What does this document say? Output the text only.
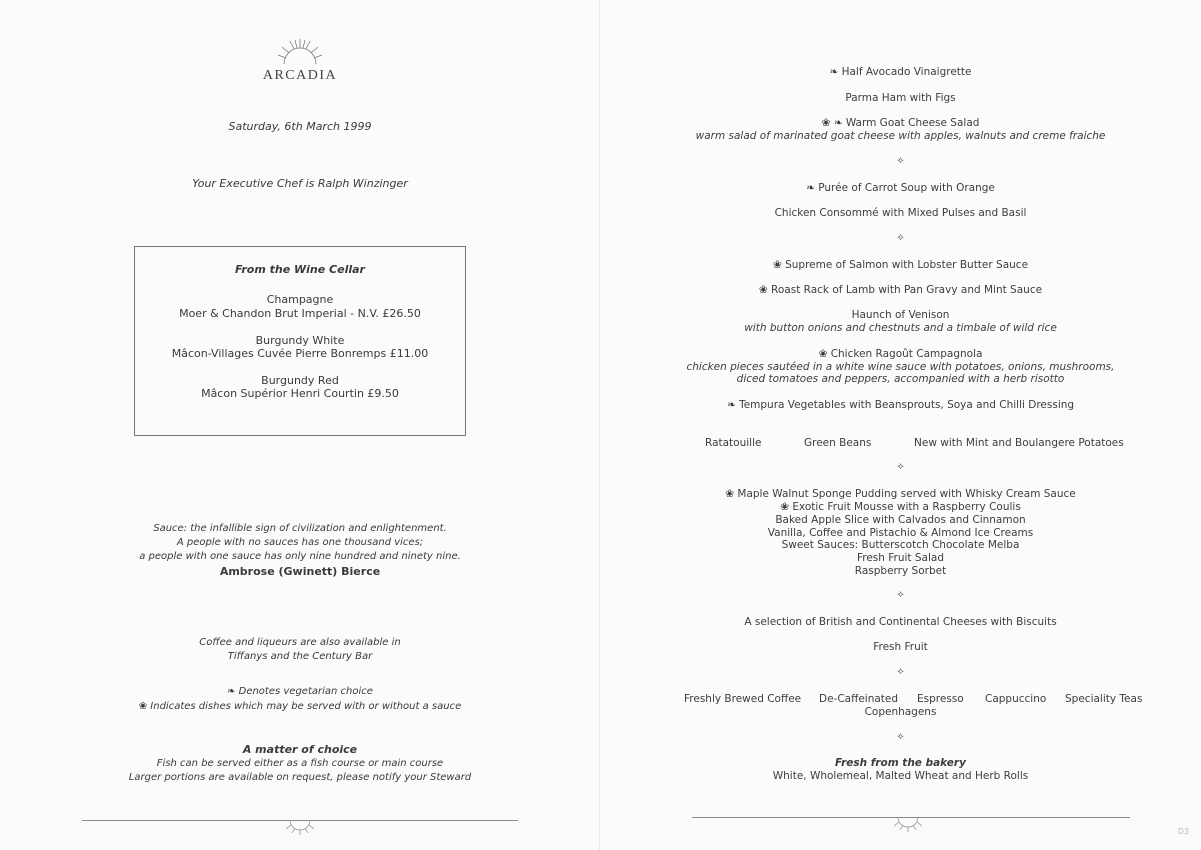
ARCADIA
Saturday, 6th March 1999
Your Executive Chef is Ralph Winzinger
From the Wine Cellar
Champagne
Moer & Chandon Brut Imperial - N.V. £26.50
Burgundy White
Mâcon-Villages Cuvée Pierre Bonremps £11.00
Burgundy Red
Mâcon Supérior Henri Courtin £9.50
Sauce: the infallible sign of civilization and enlightenment.
A people with no sauces has one thousand vices;
a people with one sauce has only nine hundred and ninety nine.
Ambrose (Gwinett) Bierce
Coffee and liqueurs are also available in
Tiffanys and the Century Bar
❧ Denotes vegetarian choice
❀ Indicates dishes which may be served with or without a sauce
A matter of choice
Fish can be served either as a fish course or main course
Larger portions are available on request, please notify your Steward
❧ Half Avocado Vinaigrette
Parma Ham with Figs
❀ ❧ Warm Goat Cheese Salad
warm salad of marinated goat cheese with apples, walnuts and creme fraiche
⟡
❧ Purée of Carrot Soup with Orange
Chicken Consommé with Mixed Pulses and Basil
⟡
❀ Supreme of Salmon with Lobster Butter Sauce
❀ Roast Rack of Lamb with Pan Gravy and Mint Sauce
Haunch of Venison
with button onions and chestnuts and a timbale of wild rice
❀ Chicken Ragoût Campagnola
chicken pieces sautéed in a white wine sauce with potatoes, onions, mushrooms,
diced tomatoes and peppers, accompanied with a herb risotto
❧ Tempura Vegetables with Beansprouts, Soya and Chilli Dressing
Ratatouille	Green Beans	New with Mint and Boulangere Potatoes
⟡
❀ Maple Walnut Sponge Pudding served with Whisky Cream Sauce
❀ Exotic Fruit Mousse with a Raspberry Coulis
Baked Apple Slice with Calvados and Cinnamon
Vanilla, Coffee and Pistachio & Almond Ice Creams
Sweet Sauces: Butterscotch Chocolate Melba
Fresh Fruit Salad
Raspberry Sorbet
⟡
A selection of British and Continental Cheeses with Biscuits
Fresh Fruit
⟡
Freshly Brewed Coffee De-Caffeinated Espresso Cappuccino Speciality Teas
Copenhagens
⟡
Fresh from the bakery
White, Wholemeal, Malted Wheat and Herb Rolls
D3
